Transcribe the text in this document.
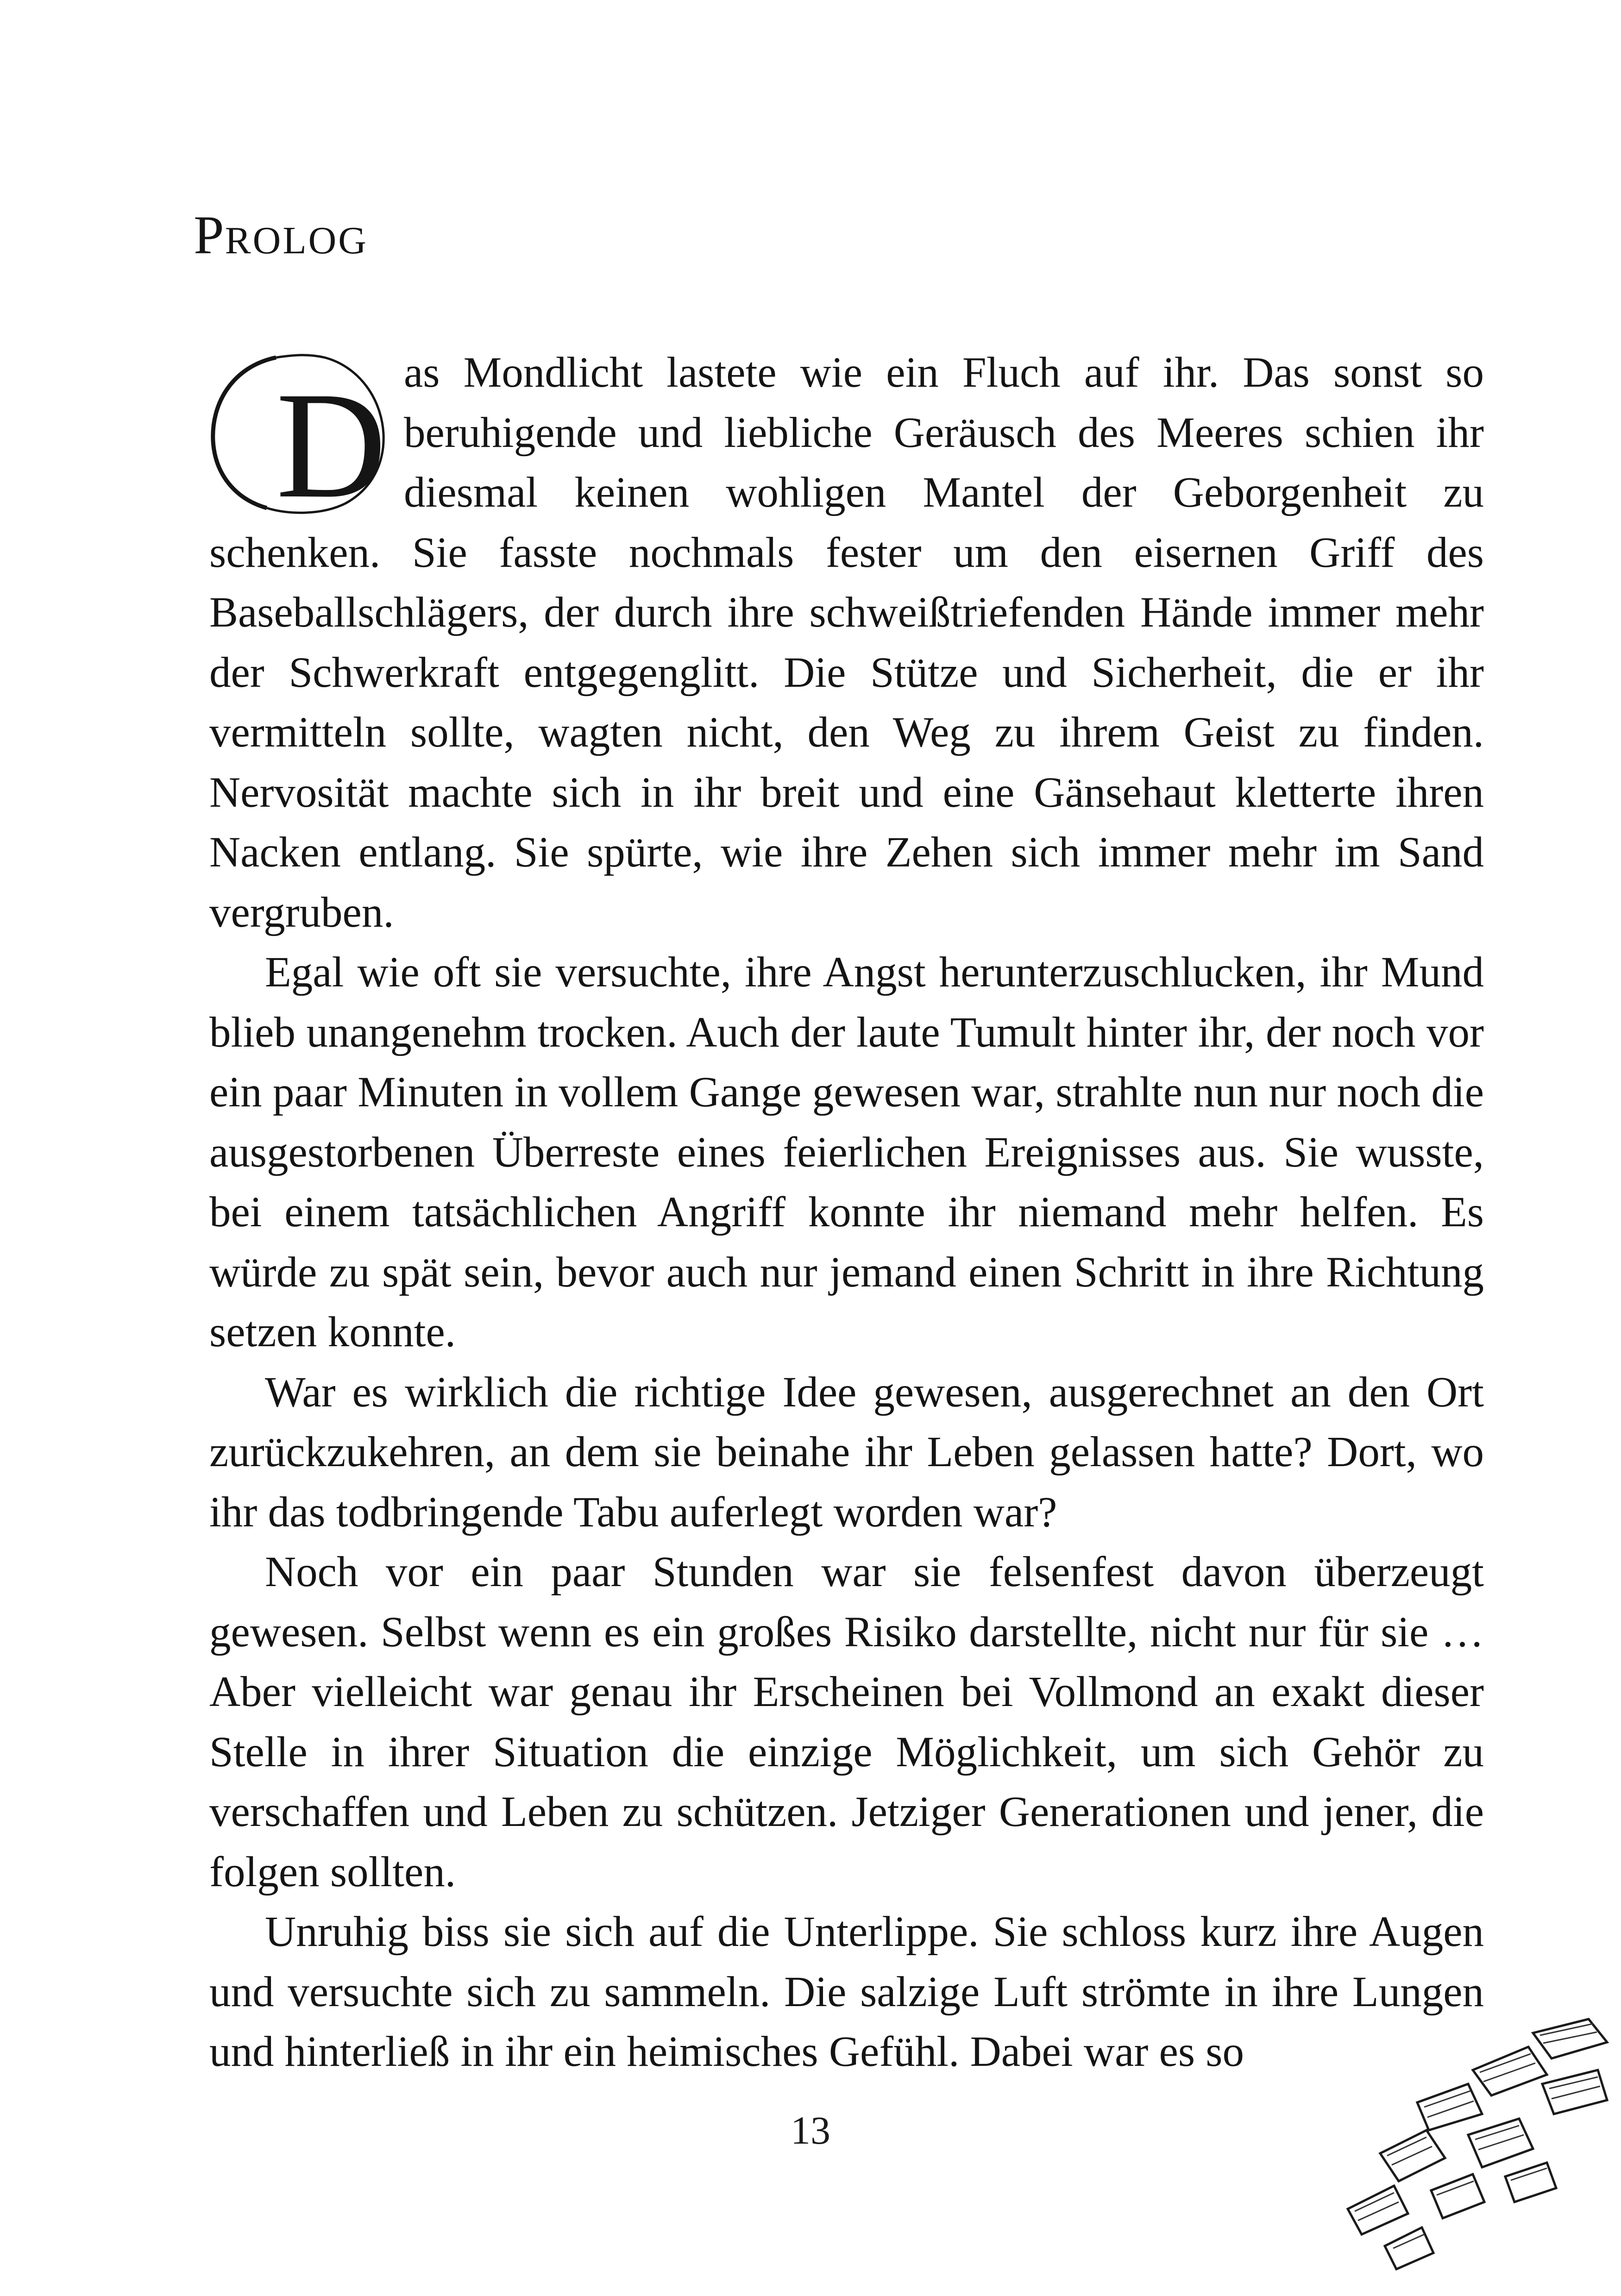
PROLOG

D as Mondlicht lastete wie ein Fluch auf ihr. Das sonst so beruhigende und liebliche Geräusch des Meeres schien ihr diesmal keinen wohligen Mantel der Geborgenheit zu schenken. Sie fasste nochmals fester um den eisernen Griff des Baseballschlägers, der durch ihre schweißtriefenden Hände immer mehr der Schwerkraft entgegenglitt. Die Stütze und Sicherheit, die er ihr vermitteln sollte, wagten nicht, den Weg zu ihrem Geist zu finden. Nervosität machte sich in ihr breit und eine Gänsehaut kletterte ihren Nacken entlang. Sie spürte, wie ihre Zehen sich immer mehr im Sand vergruben.

Egal wie oft sie versuchte, ihre Angst herunterzuschlucken, ihr Mund blieb unangenehm trocken. Auch der laute Tumult hinter ihr, der noch vor ein paar Minuten in vollem Gange gewesen war, strahlte nun nur noch die ausgestorbenen Überreste eines feierlichen Ereignisses aus. Sie wusste, bei einem tatsächlichen Angriff konnte ihr niemand mehr helfen. Es würde zu spät sein, bevor auch nur jemand einen Schritt in ihre Richtung setzen konnte.

War es wirklich die richtige Idee gewesen, ausgerechnet an den Ort zurückzukehren, an dem sie beinahe ihr Leben gelassen hatte? Dort, wo ihr das todbringende Tabu auferlegt worden war?

Noch vor ein paar Stunden war sie felsenfest davon überzeugt gewesen. Selbst wenn es ein großes Risiko darstellte, nicht nur für sie … Aber vielleicht war genau ihr Erscheinen bei Vollmond an exakt dieser Stelle in ihrer Situation die einzige Möglichkeit, um sich Gehör zu verschaffen und Leben zu schützen. Jetziger Generationen und jener, die folgen sollten.

Unruhig biss sie sich auf die Unterlippe. Sie schloss kurz ihre Augen und versuchte sich zu sammeln. Die salzige Luft strömte in ihre Lungen und hinterließ in ihr ein heimisches Gefühl. Dabei war es so

13
